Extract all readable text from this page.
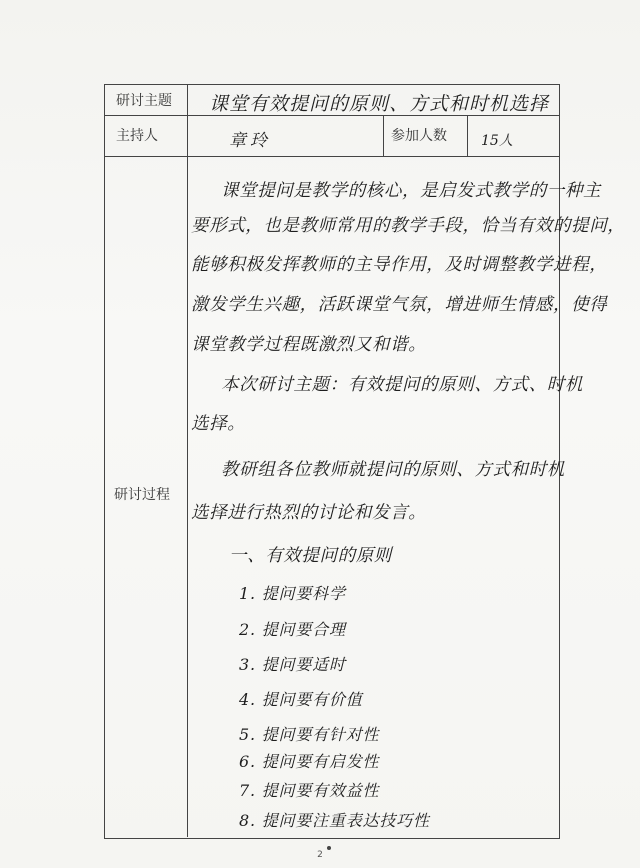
研讨主题
主持人	参加人数
研讨过程
课堂有效提问的原则、方式和时机选择
章玲	15人
课堂提问是教学的核心，是启发式教学的一种主
要形式，也是教师常用的教学手段，恰当有效的提问，
能够积极发挥教师的主导作用，及时调整教学进程，
激发学生兴趣，活跃课堂气氛，增进师生情感，使得
课堂教学过程既激烈又和谐。
本次研讨主题：有效提问的原则、方式、时机
选择。
教研组各位教师就提问的原则、方式和时机
选择进行热烈的讨论和发言。
一、有效提问的原则
1. 提问要科学
2. 提问要合理
3. 提问要适时
4. 提问要有价值
5. 提问要有针对性
6. 提问要有启发性
7. 提问要有效益性
8. 提问要注重表达技巧性
2
